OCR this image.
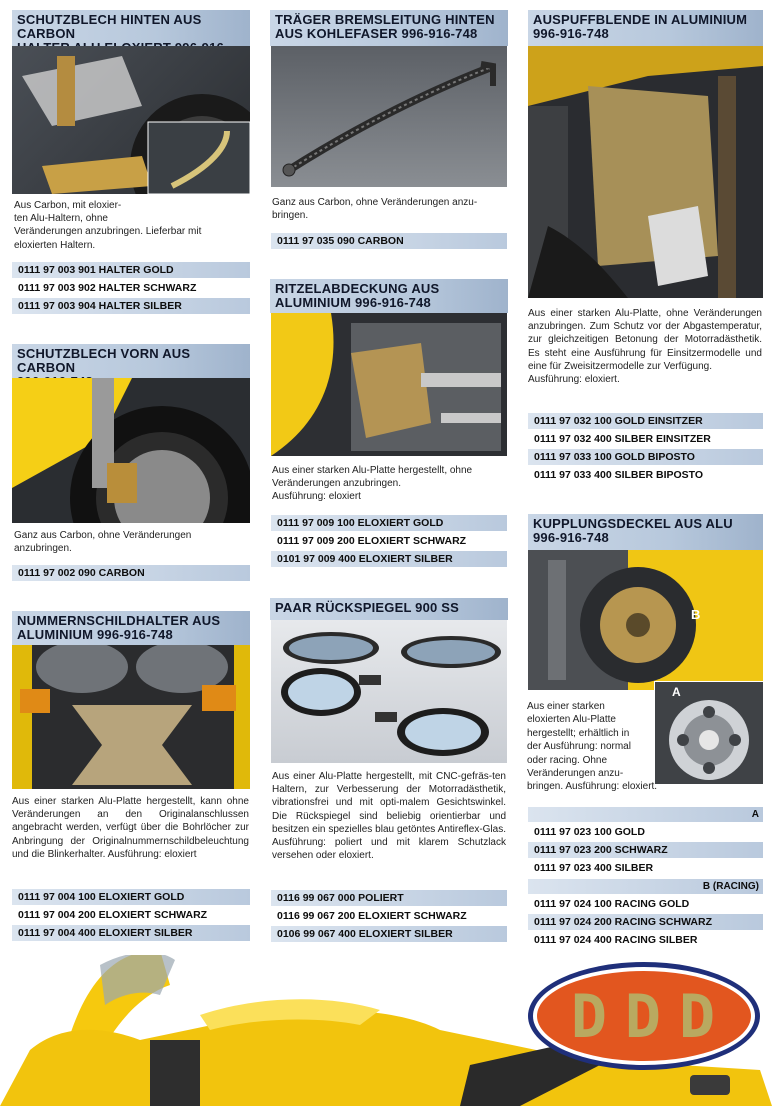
SCHUTZBLECH HINTEN AUS CARBON
Aus Carbon, mit eloxier-
ten Alu-Haltern, ohne
Veränderungen anzubringen. Lieferbar mit
eloxierten Haltern.
0111 97 003 901 HALTER GOLD
0111 97 003 902 HALTER SCHWARZ
0111 97 003 904 HALTER SILBER
SCHUTZBLECH VORN AUS CARBON
Ganz aus Carbon, ohne Veränderungen
anzubringen.
0111 97 002 090 CARBON
NUMMERNSCHILDHALTER AUS
ALUMINIUM 996-916-748
Aus einer starken Alu-Platte hergestellt, kann ohne Veränderungen an den Originalanschlussen angebracht werden, verfügt über die Bohrlöcher zur Anbringung der Originalnummernschildbeleuchtung und die Blinkerhalter. Ausführung: eloxiert
0111 97 004 100 ELOXIERT GOLD
0111 97 004 200 ELOXIERT SCHWARZ
0111 97 004 400 ELOXIERT SILBER
TRÄGER BREMSLEITUNG HINTEN
AUS KOHLEFASER 996-916-748
Ganz aus Carbon, ohne Veränderungen anzu-
bringen.
0111 97 035 090 CARBON
RITZELABDECKUNG AUS
ALUMINIUM 996-916-748
Aus einer starken Alu-Platte hergestellt, ohne
Veränderungen anzubringen.
Ausführung: eloxiert
0111 97 009 100 ELOXIERT GOLD
0111 97 009 200 ELOXIERT SCHWARZ
0101 97 009 400 ELOXIERT SILBER
PAAR RÜCKSPIEGEL 900 SS
Aus einer Alu-Platte hergestellt, mit CNC-gefräs-ten Haltern, zur Verbesserung der Motorradästhetik, vibrationsfrei und mit opti-malem Gesichtswinkel. Die Rückspiegel sind beliebig orientierbar und besitzen ein spezielles blau getöntes Antireflex-Glas. Ausführung: poliert und mit klarem Schutzlack versehen oder eloxiert.
0116 99 067 000 POLIERT
0116 99 067 200 ELOXIERT SCHWARZ
0106 99 067 400 ELOXIERT SILBER
AUSPUFFBLENDE IN ALUMINIUM
996-916-748
Aus einer starken Alu-Platte, ohne Veränderungen anzubringen. Zum Schutz vor der Abgastemperatur, zur gleichzeitigen Betonung der Motorradästhetik. Es steht eine Ausführung für Einsitzermodelle und eine für Zweisitzermodelle zur Verfügung.
Ausführung: eloxiert.
0111 97 032 100 GOLD EINSITZER
0111 97 032 400 SILBER EINSITZER
0111 97 033 100 GOLD BIPOSTO
0111 97 033 400 SILBER BIPOSTO
KUPPLUNGSDECKEL AUS ALU
996-916-748
B
A
Aus einer starken
eloxierten Alu-Platte
hergestellt; erhältlich in
der Ausführung: normal
oder racing. Ohne
Veränderungen anzu-
bringen. Ausführung: eloxiert.
A
0111 97 023 100 GOLD
0111 97 023 200 SCHWARZ
0111 97 023 400 SILBER
B (RACING)
0111 97 024 100 RACING GOLD
0111 97 024 200 RACING SCHWARZ
0111 97 024 400 RACING SILBER
DDD
